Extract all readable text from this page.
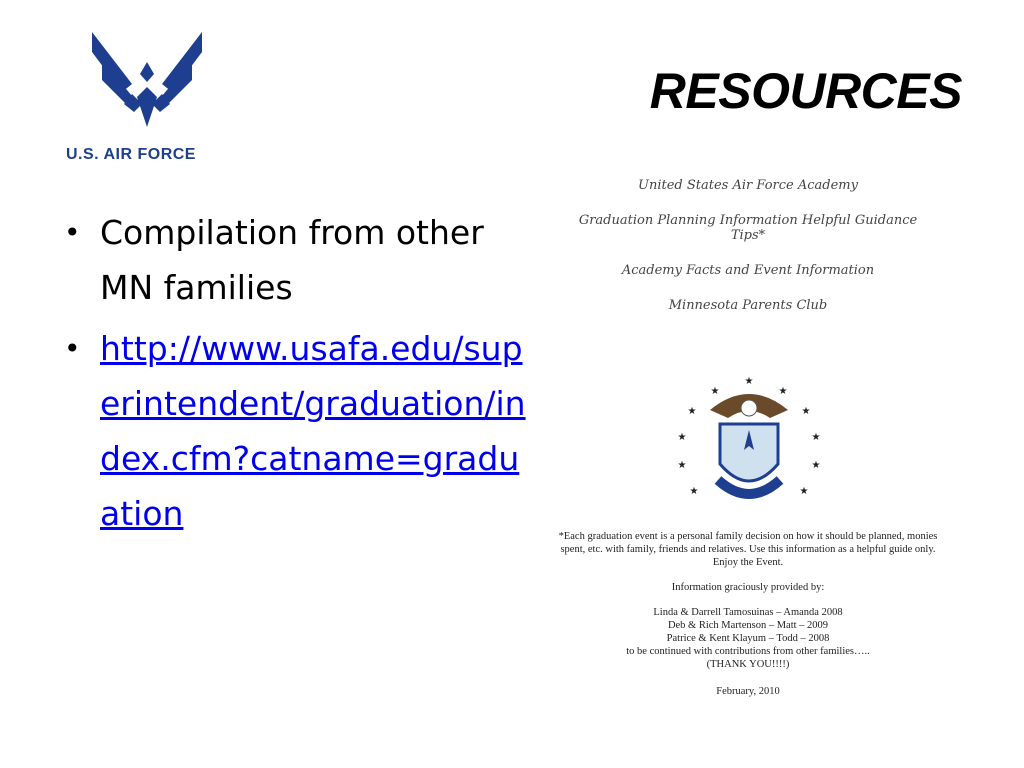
U.S. AIR FORCE
RESOURCES
• Compilation from other MN families
• http://www.usafa.edu/superintendent/graduation/index.cfm?catname=graduation

United States Air Force Academy

Graduation Planning Information Helpful Guidance Tips*

Academy Facts and Event Information

Minnesota Parents Club

★
★	★
★	★
★	★
★	★
★	★

*Each graduation event is a personal family decision on how it should be planned, monies spent, etc. with family, friends and relatives. Use this information as a helpful guide only. Enjoy the Event.

Information graciously provided by:

Linda & Darrell Tamosuinas – Amanda 2008

Deb & Rich Martenson – Matt – 2009

Patrice & Kent Klayum – Todd – 2008

to be continued with contributions from other families…..

(THANK YOU!!!!)

February, 2010
